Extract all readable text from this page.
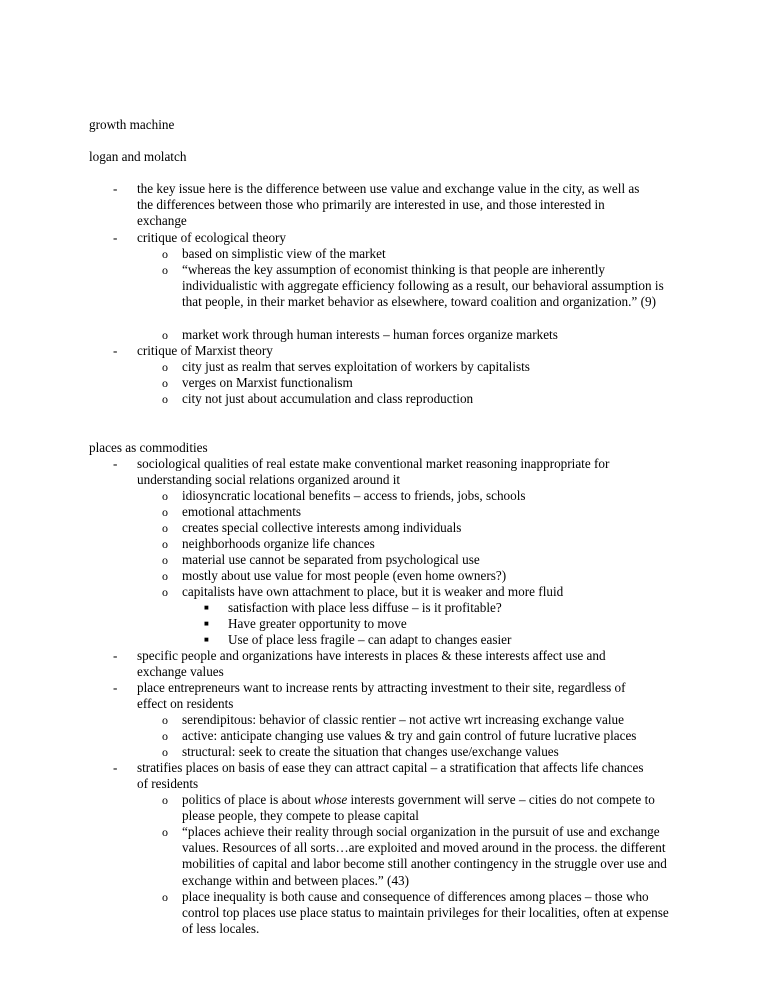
growth machine

logan and molatch

- the key issue here is the difference between use value and exchange value in the city, as well as the differences between those who primarily are interested in use, and those interested in exchange
- critique of ecological theory
o based on simplistic view of the market
o “whereas the key assumption of economist thinking is that people are inherently individualistic with aggregate efficiency following as a result, our behavioral assumption is that people, in their market behavior as elsewhere, toward coalition and organization.” (9)
o market work through human interests – human forces organize markets
- critique of Marxist theory
o city just as realm that serves exploitation of workers by capitalists
o verges on Marxist functionalism
o city not just about accumulation and class reproduction

places as commodities

- sociological qualities of real estate make conventional market reasoning inappropriate for understanding social relations organized around it
o idiosyncratic locational benefits – access to friends, jobs, schools
o emotional attachments
o creates special collective interests among individuals
o neighborhoods organize life chances
o material use cannot be separated from psychological use
o mostly about use value for most people (even home owners?)
o capitalists have own attachment to place, but it is weaker and more fluid
■ satisfaction with place less diffuse – is it profitable?
■ Have greater opportunity to move
■ Use of place less fragile – can adapt to changes easier
- specific people and organizations have interests in places & these interests affect use and exchange values
- place entrepreneurs want to increase rents by attracting investment to their site, regardless of effect on residents
o serendipitous: behavior of classic rentier – not active wrt increasing exchange value
o active: anticipate changing use values & try and gain control of future lucrative places
o structural: seek to create the situation that changes use/exchange values
- stratifies places on basis of ease they can attract capital – a stratification that affects life chances of residents
o politics of place is about whose interests government will serve – cities do not compete to please people, they compete to please capital
o “places achieve their reality through social organization in the pursuit of use and exchange values. Resources of all sorts…are exploited and moved around in the process. the different mobilities of capital and labor become still another contingency in the struggle over use and exchange within and between places.” (43)
o place inequality is both cause and consequence of differences among places – those who control top places use place status to maintain privileges for their localities, often at expense of less locales.
